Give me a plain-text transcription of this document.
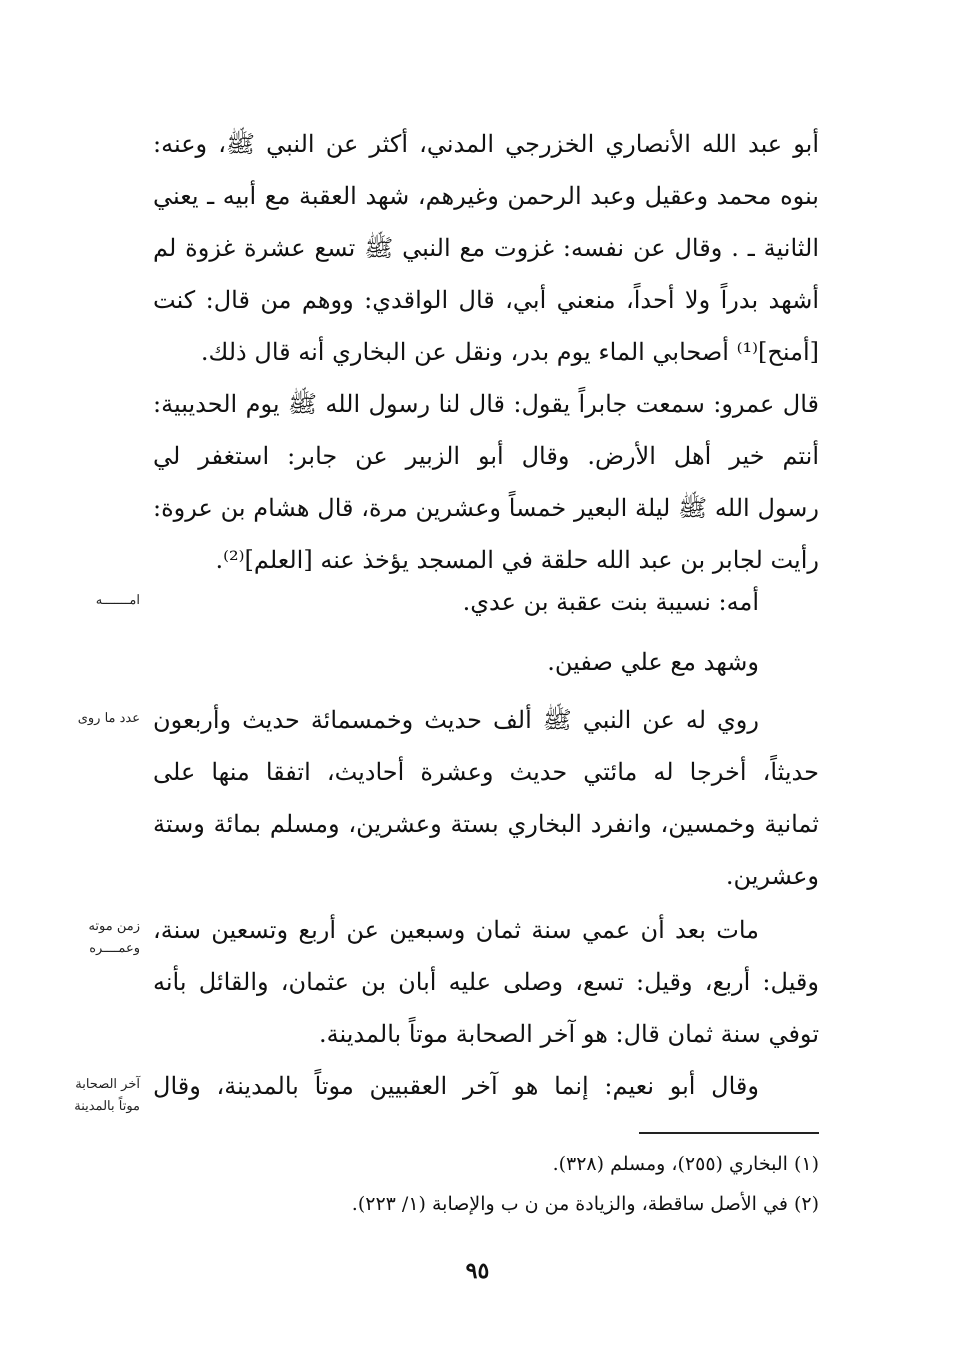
أبو عبد الله الأنصاري الخزرجي المدني، أكثر عن النبي ﷺ، وعنه:
بنوه محمد وعقيل وعبد الرحمن وغيرهم، شهد العقبة مع أبيه ـ يعني
الثانية ـ . وقال عن نفسه: غزوت مع النبي ﷺ تسع عشرة غزوة لم
أشهد بدراً ولا أحداً، منعني أبي، قال الواقدي: ووهم من قال: كنت
[أمنح]⁽¹⁾ أصحابي الماء يوم بدر، ونقل عن البخاري أنه قال ذلك.
قال عمرو: سمعت جابراً يقول: قال لنا رسول الله ﷺ يوم الحديبية:
أنتم خير أهل الأرض. وقال أبو الزبير عن جابر: استغفر لي
رسول الله ﷺ ليلة البعير خمساً وعشرين مرة، قال هشام بن عروة:
رأيت لجابر بن عبد الله حلقة في المسجد يؤخذ عنه [العلم]⁽²⁾.
أمه: نسيبة بنت عقبة بن عدي.
وشهد مع علي صفين.
روي له عن النبي ﷺ ألف حديث وخمسمائة حديث وأربعون
حديثاً، أخرجا له مائتي حديث وعشرة أحاديث، اتفقا منها على
ثمانية وخمسين، وانفرد البخاري بستة وعشرين، ومسلم بمائة وستة
وعشرين.
مات بعد أن عمي سنة ثمان وسبعين عن أربع وتسعين سنة،
وقيل: أربع، وقيل: تسع، وصلى عليه أبان بن عثمان، والقائل بأنه
توفي سنة ثمان قال: هو آخر الصحابة موتاً بالمدينة.
وقال أبو نعيم: إنما هو آخر العقبيين موتاً بالمدينة، وقال
امـــــــه
عدد ما روى
زمن موته
وعمــــره
آخر الصحابة
موتاً بالمدينة
(١) البخاري (٢٥٥)، ومسلم (٣٢٨).
(٢) في الأصل ساقطة، والزيادة من ن ب والإصابة (١/ ٢٢٣).
٩٥
